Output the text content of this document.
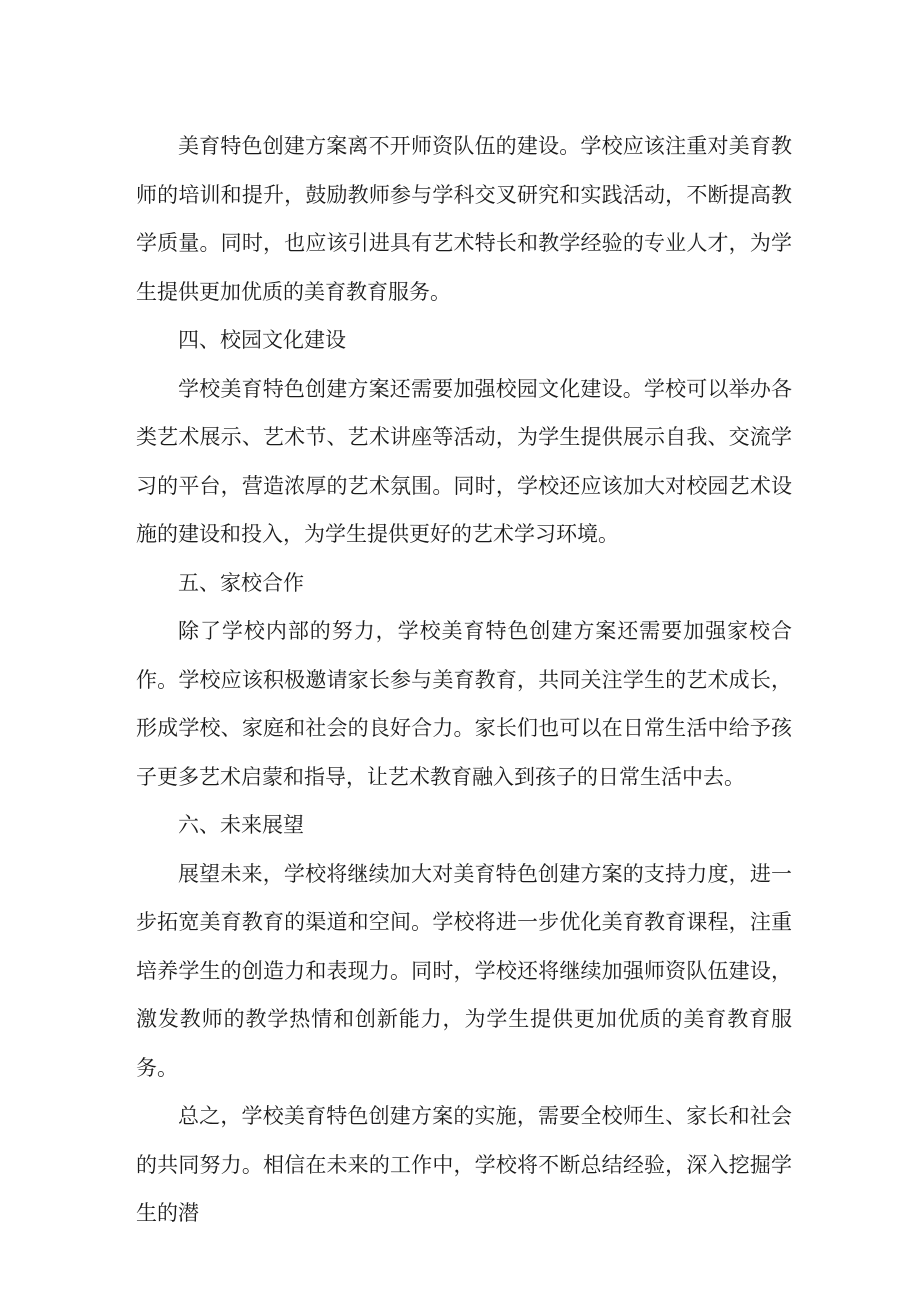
美育特色创建方案离不开师资队伍的建设。学校应该注重对美育教师的培训和提升，鼓励教师参与学科交叉研究和实践活动，不断提高教学质量。同时，也应该引进具有艺术特长和教学经验的专业人才，为学生提供更加优质的美育教育服务。

四、校园文化建设

学校美育特色创建方案还需要加强校园文化建设。学校可以举办各类艺术展示、艺术节、艺术讲座等活动，为学生提供展示自我、交流学习的平台，营造浓厚的艺术氛围。同时，学校还应该加大对校园艺术设施的建设和投入，为学生提供更好的艺术学习环境。

五、家校合作

除了学校内部的努力，学校美育特色创建方案还需要加强家校合作。学校应该积极邀请家长参与美育教育，共同关注学生的艺术成长，形成学校、家庭和社会的良好合力。家长们也可以在日常生活中给予孩子更多艺术启蒙和指导，让艺术教育融入到孩子的日常生活中去。

六、未来展望

展望未来，学校将继续加大对美育特色创建方案的支持力度，进一步拓宽美育教育的渠道和空间。学校将进一步优化美育教育课程，注重培养学生的创造力和表现力。同时，学校还将继续加强师资队伍建设，激发教师的教学热情和创新能力，为学生提供更加优质的美育教育服务。

总之，学校美育特色创建方案的实施，需要全校师生、家长和社会的共同努力。相信在未来的工作中，学校将不断总结经验，深入挖掘学生的潜
